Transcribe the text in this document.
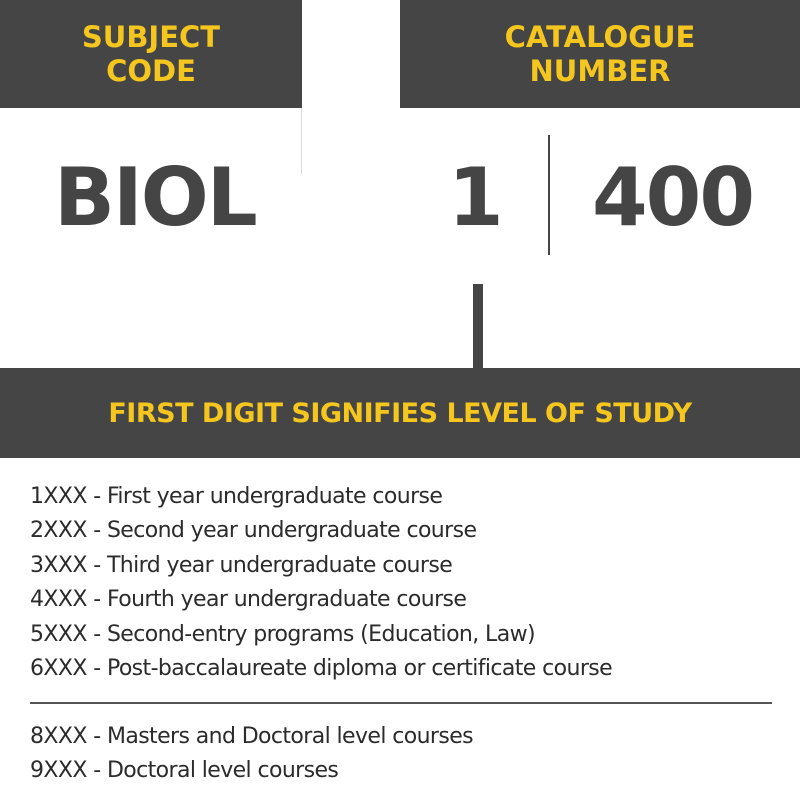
SUBJECT
CODE
CATALOGUE
NUMBER
BIOL 1 400
FIRST DIGIT SIGNIFIES LEVEL OF STUDY
1XXX - First year undergraduate course
2XXX - Second year undergraduate course
3XXX - Third year undergraduate course
4XXX - Fourth year undergraduate course
5XXX - Second-entry programs (Education, Law)
6XXX - Post-baccalaureate diploma or certificate course
8XXX - Masters and Doctoral level courses
9XXX - Doctoral level courses
